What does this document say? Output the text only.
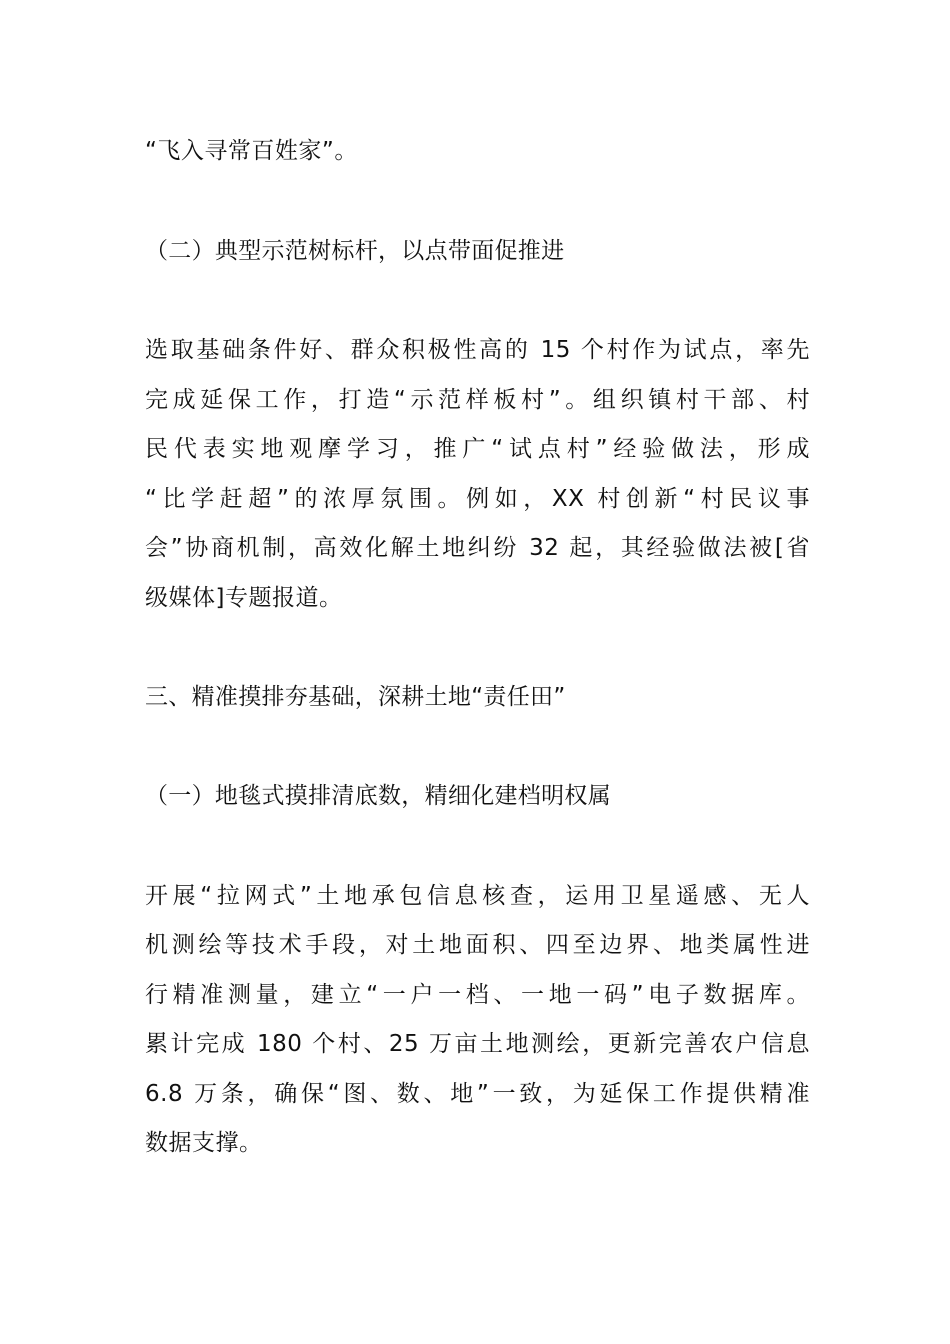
“飞入寻常百姓家”。
（二）典型示范树标杆，以点带面促推进
选取基础条件好、群众积极性高的 15 个村作为试点，率先
完成延保工作，打造“示范样板村”。组织镇村干部、村
民代表实地观摩学习，推广“试点村”经验做法，形成
“比学赶超”的浓厚氛围。例如，XX 村创新“村民议事
会”协商机制，高效化解土地纠纷 32 起，其经验做法被[省
级媒体]专题报道。
三、精准摸排夯基础，深耕土地“责任田”
（一）地毯式摸排清底数，精细化建档明权属
开展“拉网式”土地承包信息核查，运用卫星遥感、无人
机测绘等技术手段，对土地面积、四至边界、地类属性进
行精准测量，建立“一户一档、一地一码”电子数据库。
累计完成 180 个村、25 万亩土地测绘，更新完善农户信息
6.8 万条，确保“图、数、地”一致，为延保工作提供精准
数据支撑。
